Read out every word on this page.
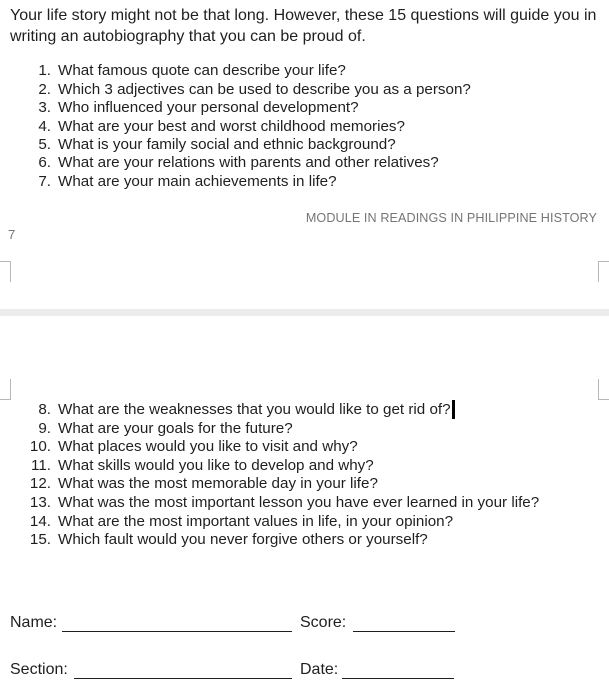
Your life story might not be that long. However, these 15 questions will guide you in writing an autobiography that you can be proud of.

1. What famous quote can describe your life?
2. Which 3 adjectives can be used to describe you as a person?
3. Who influenced your personal development?
4. What are your best and worst childhood memories?
5. What is your family social and ethnic background?
6. What are your relations with parents and other relatives?
7. What are your main achievements in life?
MODULE IN READINGS IN PHILIPPINE HISTORY
7
8. What are the weaknesses that you would like to get rid of?
9. What are your goals for the future?
10. What places would you like to visit and why?
11. What skills would you like to develop and why?
12. What was the most memorable day in your life?
13. What was the most important lesson you have ever learned in your life?
14. What are the most important values in life, in your opinion?
15. Which fault would you never forgive others or yourself?
Name:	Score:
Section:	Date:
